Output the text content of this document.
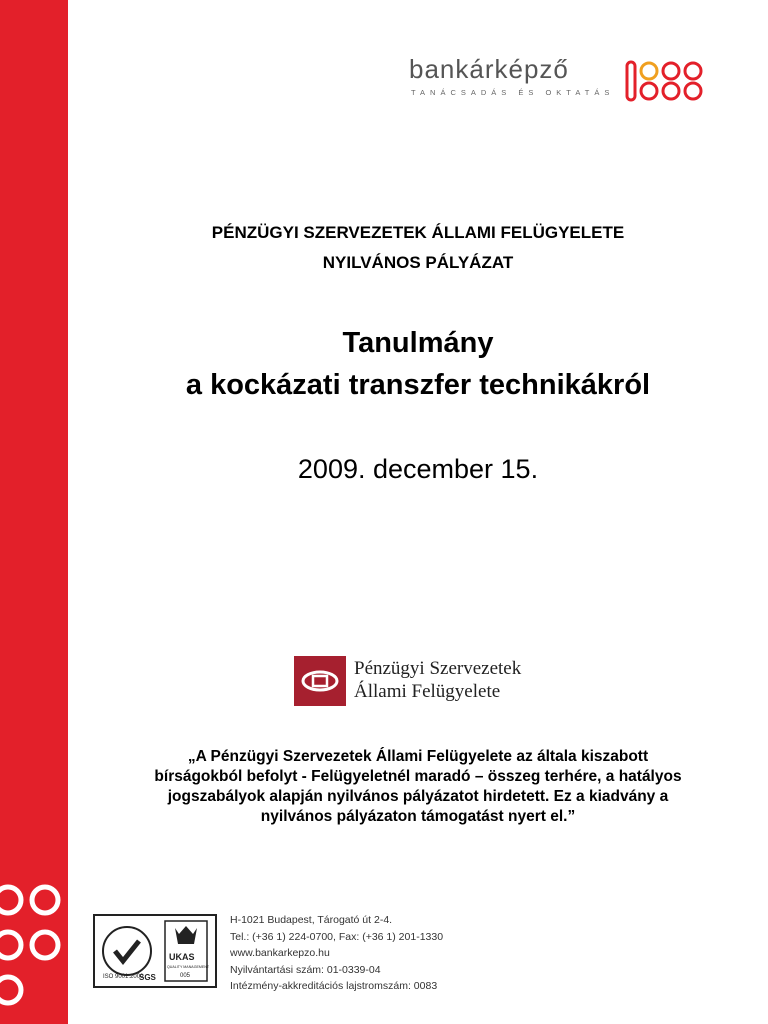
bankárképző
TANÁCSADÁS ÉS OKTATÁS
PÉNZÜGYI SZERVEZETEK ÁLLAMI FELÜGYELETE
NYILVÁNOS PÁLYÁZAT
Tanulmány
a kockázati transzfer technikákról
2009. december 15.
Pénzügyi Szervezetek
Állami Felügyelete
„A Pénzügyi Szervezetek Állami Felügyelete az általa kiszabott
bírságokból befolyt - Felügyeletnél maradó – összeg terhére, a hatályos
jogszabályok alapján nyilvános pályázatot hirdetett. Ez a kiadvány a
nyilvános pályázaton támogatást nyert el.”
ISO 9001:2000
SGS
UKAS
QUALITY MANAGEMENT
005
H-1021 Budapest, Tárogató út 2-4.
Tel.: (+36 1) 224-0700, Fax: (+36 1) 201-1330
www.bankarkepzo.hu
Nyilvántartási szám: 01-0339-04
Intézmény-akkreditációs lajstromszám: 0083
